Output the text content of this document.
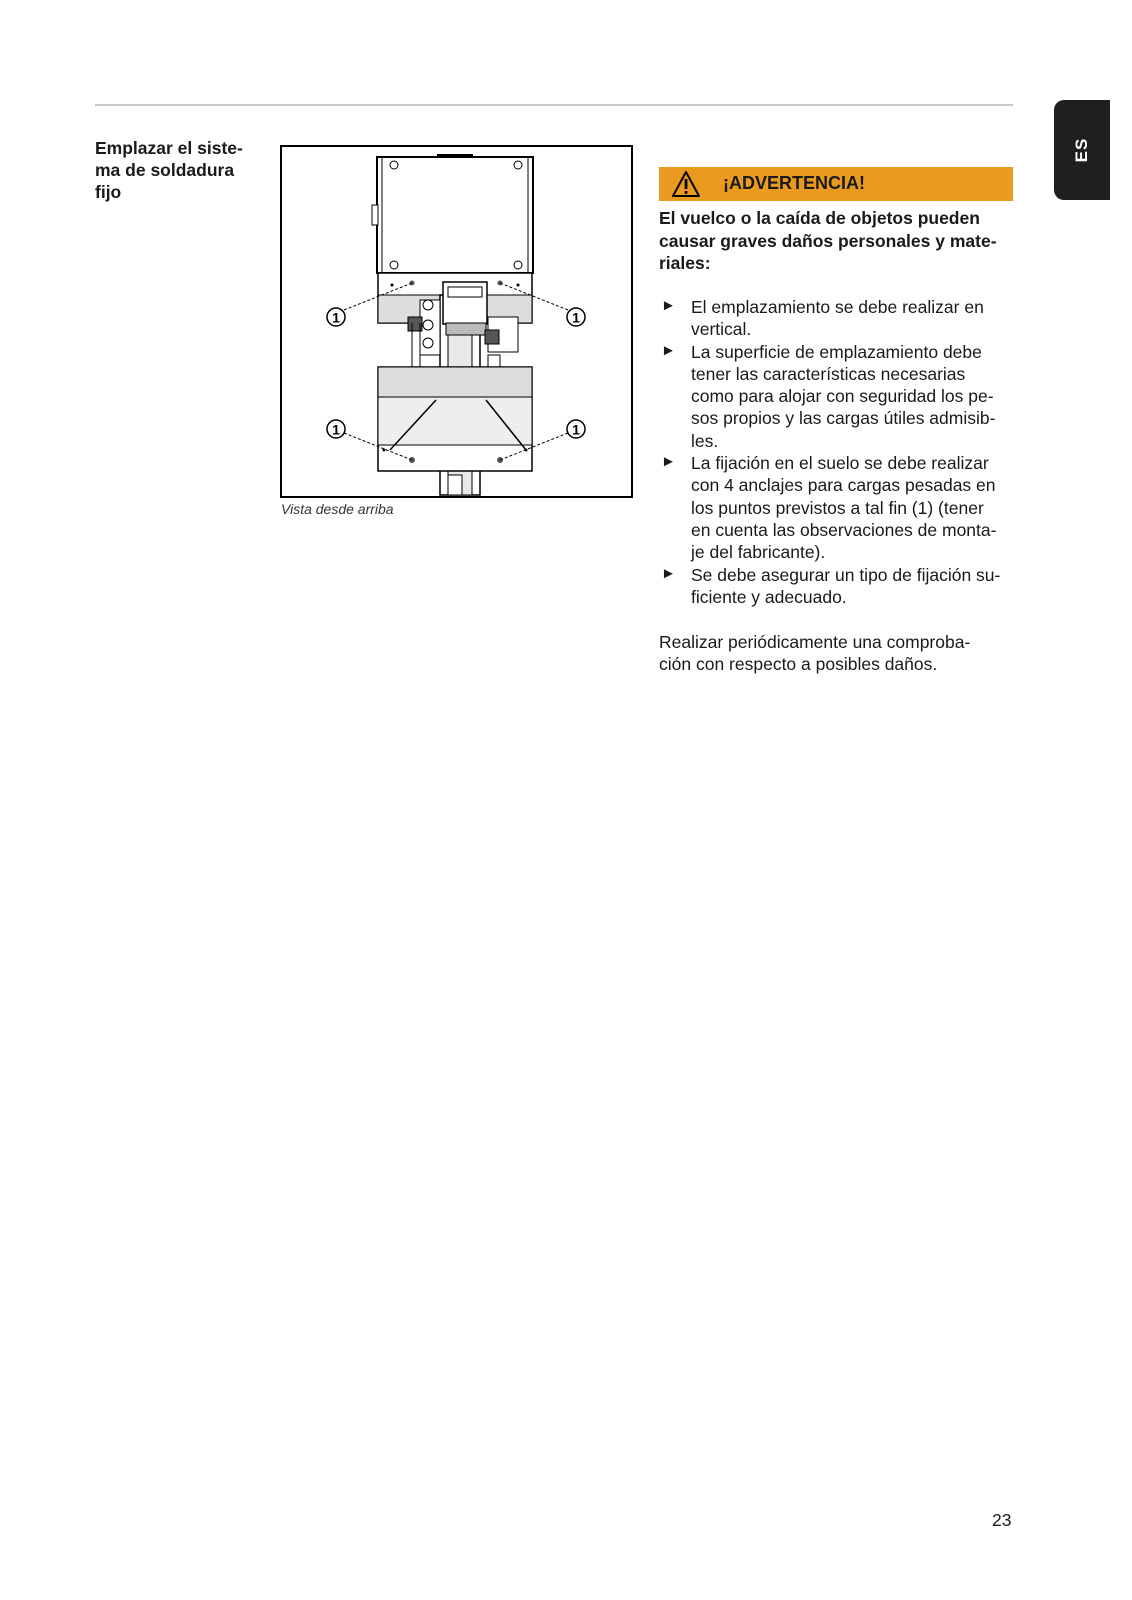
ES
Emplazar el siste-
ma de soldadura
fijo
1	1
1	1
Vista desde arriba
¡ADVERTENCIA!
El vuelco o la caída de objetos pueden
causar graves daños personales y mate-
riales:
► El emplazamiento se debe realizar en
vertical.
► La superficie de emplazamiento debe
tener las características necesarias
como para alojar con seguridad los pe-
sos propios y las cargas útiles admisib-
les.
► La fijación en el suelo se debe realizar
con 4 anclajes para cargas pesadas en
los puntos previstos a tal fin (1) (tener
en cuenta las observaciones de monta-
je del fabricante).
► Se debe asegurar un tipo de fijación su-
ficiente y adecuado.
Realizar periódicamente una comproba-
ción con respecto a posibles daños.
23
